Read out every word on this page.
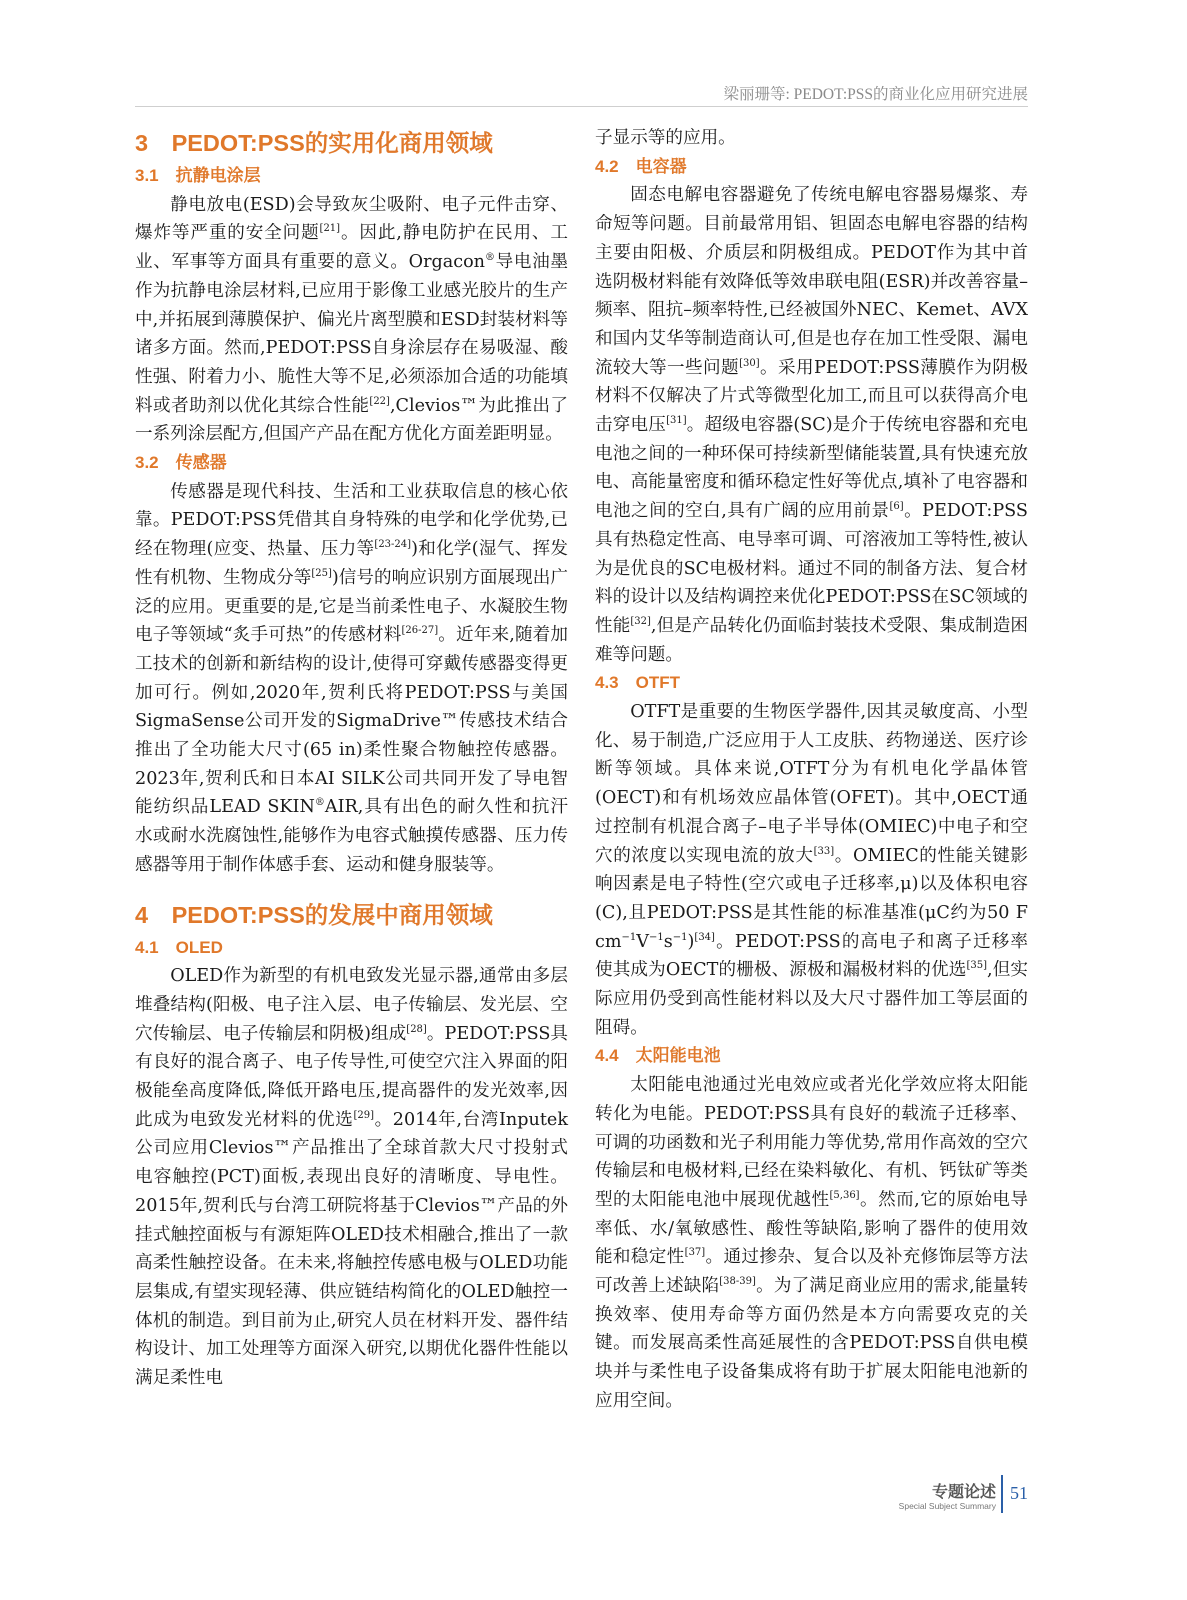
梁丽珊等: PEDOT:PSS的商业化应用研究进展
3　PEDOT:PSS的实用化商用领域
3.1　抗静电涂层
静电放电(ESD)会导致灰尘吸附、电子元件击穿、爆炸等严重的安全问题[21]。因此,静电防护在民用、工业、军事等方面具有重要的意义。Orgacon®导电油墨作为抗静电涂层材料,已应用于影像工业感光胶片的生产中,并拓展到薄膜保护、偏光片离型膜和ESD封装材料等诸多方面。然而,PEDOT:PSS自身涂层存在易吸湿、酸性强、附着力小、脆性大等不足,必须添加合适的功能填料或者助剂以优化其综合性能[22],Clevios™为此推出了一系列涂层配方,但国产产品在配方优化方面差距明显。
3.2　传感器
传感器是现代科技、生活和工业获取信息的核心依靠。PEDOT:PSS凭借其自身特殊的电学和化学优势,已经在物理(应变、热量、压力等[23-24])和化学(湿气、挥发性有机物、生物成分等[25])信号的响应识别方面展现出广泛的应用。更重要的是,它是当前柔性电子、水凝胶生物电子等领域“炙手可热”的传感材料[26-27]。近年来,随着加工技术的创新和新结构的设计,使得可穿戴传感器变得更加可行。例如,2020年,贺利氏将PEDOT:PSS与美国SigmaSense公司开发的SigmaDrive™传感技术结合推出了全功能大尺寸(65 in)柔性聚合物触控传感器。2023年,贺利氏和日本AI SILK公司共同开发了导电智能纺织品LEAD SKIN®AIR,具有出色的耐久性和抗汗水或耐水洗腐蚀性,能够作为电容式触摸传感器、压力传感器等用于制作体感手套、运动和健身服装等。
4　PEDOT:PSS的发展中商用领域
4.1　OLED
OLED作为新型的有机电致发光显示器,通常由多层堆叠结构(阳极、电子注入层、电子传输层、发光层、空穴传输层、电子传输层和阴极)组成[28]。PEDOT:PSS具有良好的混合离子、电子传导性,可使空穴注入界面的阳极能垒高度降低,降低开路电压,提高器件的发光效率,因此成为电致发光材料的优选[29]。2014年,台湾Inputek公司应用Clevios™产品推出了全球首款大尺寸投射式电容触控(PCT)面板,表现出良好的清晰度、导电性。2015年,贺利氏与台湾工研院将基于Clevios™产品的外挂式触控面板与有源矩阵OLED技术相融合,推出了一款高柔性触控设备。在未来,将触控传感电极与OLED功能层集成,有望实现轻薄、供应链结构简化的OLED触控一体机的制造。到目前为止,研究人员在材料开发、器件结构设计、加工处理等方面深入研究,以期优化器件性能以满足柔性电
子显示等的应用。
4.2　电容器
固态电解电容器避免了传统电解电容器易爆浆、寿命短等问题。目前最常用铝、钽固态电解电容器的结构主要由阳极、介质层和阴极组成。PEDOT作为其中首选阴极材料能有效降低等效串联电阻(ESR)并改善容量–频率、阻抗–频率特性,已经被国外NEC、Kemet、AVX和国内艾华等制造商认可,但是也存在加工性受限、漏电流较大等一些问题[30]。采用PEDOT:PSS薄膜作为阴极材料不仅解决了片式等微型化加工,而且可以获得高介电击穿电压[31]。超级电容器(SC)是介于传统电容器和充电电池之间的一种环保可持续新型储能装置,具有快速充放电、高能量密度和循环稳定性好等优点,填补了电容器和电池之间的空白,具有广阔的应用前景[6]。PEDOT:PSS具有热稳定性高、电导率可调、可溶液加工等特性,被认为是优良的SC电极材料。通过不同的制备方法、复合材料的设计以及结构调控来优化PEDOT:PSS在SC领域的性能[32],但是产品转化仍面临封装技术受限、集成制造困难等问题。
4.3　OTFT
OTFT是重要的生物医学器件,因其灵敏度高、小型化、易于制造,广泛应用于人工皮肤、药物递送、医疗诊断等领域。具体来说,OTFT分为有机电化学晶体管(OECT)和有机场效应晶体管(OFET)。其中,OECT通过控制有机混合离子–电子半导体(OMIEC)中电子和空穴的浓度以实现电流的放大[33]。OMIEC的性能关键影响因素是电子特性(空穴或电子迁移率,μ)以及体积电容(C),且PEDOT:PSS是其性能的标准基准(μC约为50 F $cm^{-1}V^{-1}s^{-1})[34]$。PEDOT:PSS的高电子和离子迁移率使其成为OECT的栅极、源极和漏极材料的优选[35],但实际应用仍受到高性能材料以及大尺寸器件加工等层面的阻碍。
4.4　太阳能电池
太阳能电池通过光电效应或者光化学效应将太阳能转化为电能。PEDOT:PSS具有良好的载流子迁移率、可调的功函数和光子利用能力等优势,常用作高效的空穴传输层和电极材料,已经在染料敏化、有机、钙钛矿等类型的太阳能电池中展现优越性[5,36]。然而,它的原始电导率低、水/氧敏感性、酸性等缺陷,影响了器件的使用效能和稳定性[37]。通过掺杂、复合以及补充修饰层等方法可改善上述缺陷[38-39]。为了满足商业应用的需求,能量转换效率、使用寿命等方面仍然是本方向需要攻克的关键。而发展高柔性高延展性的含PEDOT:PSS自供电模块并与柔性电子设备集成将有助于扩展太阳能电池新的应用空间。
专题论述
Special Subject Summary
51
